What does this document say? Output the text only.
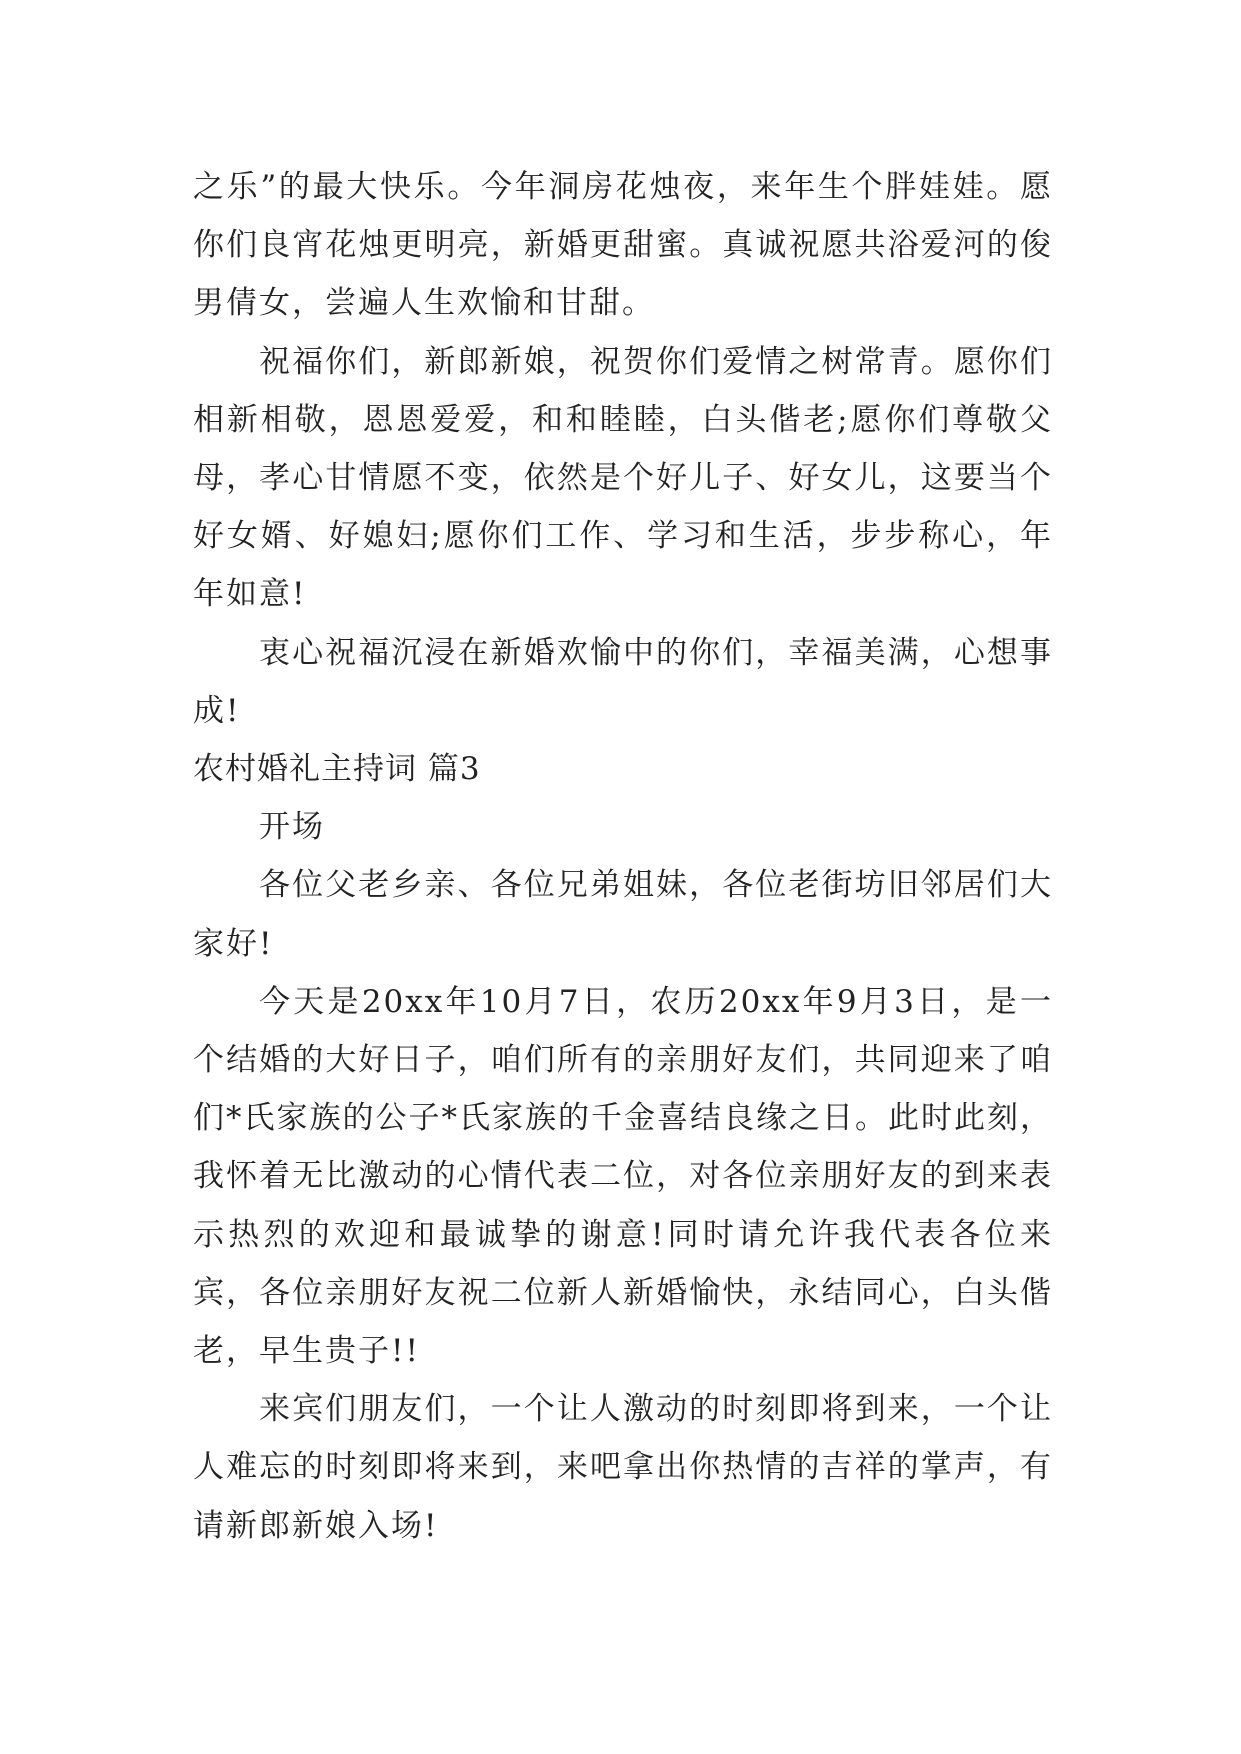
之乐”的最大快乐。今年洞房花烛夜，来年生个胖娃娃。愿你们良宵花烛更明亮，新婚更甜蜜。真诚祝愿共浴爱河的俊男倩女，尝遍人生欢愉和甘甜。

祝福你们，新郎新娘，祝贺你们爱情之树常青。愿你们相新相敬，恩恩爱爱，和和睦睦，白头偕老;愿你们尊敬父母，孝心甘情愿不变，依然是个好儿子、好女儿，这要当个好女婿、好媳妇;愿你们工作、学习和生活，步步称心，年年如意!

衷心祝福沉浸在新婚欢愉中的你们，幸福美满，心想事成!

农村婚礼主持词 篇3

开场

各位父老乡亲、各位兄弟姐妹，各位老街坊旧邻居们大家好!

今天是20xx年10月7日，农历20xx年9月3日，是一个结婚的大好日子，咱们所有的亲朋好友们，共同迎来了咱们*氏家族的公子*氏家族的千金喜结良缘之日。此时此刻，我怀着无比激动的心情代表二位，对各位亲朋好友的到来表示热烈的欢迎和最诚挚的谢意!同时请允许我代表各位来宾，各位亲朋好友祝二位新人新婚愉快，永结同心，白头偕老，早生贵子!!

来宾们朋友们，一个让人激动的时刻即将到来，一个让人难忘的时刻即将来到，来吧拿出你热情的吉祥的掌声，有请新郎新娘入场!
